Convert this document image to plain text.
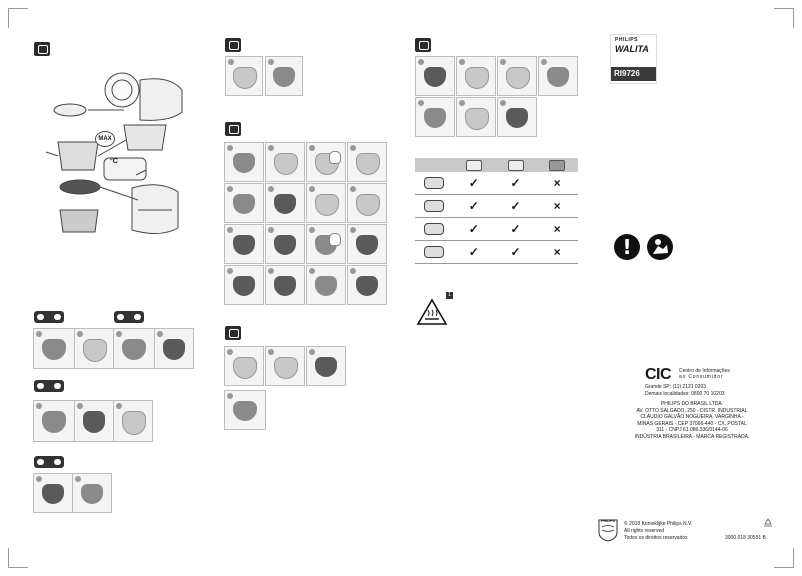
MAX
°C
✓	✓	×
✓	✓	×
✓	✓	×
✓	✓	×
1
PHILIPS
WALITA
RI9726
!
CIC Centro de Informações
ao Consumidor
Grande SP: (11) 2121 0203
Demais localidades: 0800 70 10203
PHILIPS DO BRASIL LTDA.
AV. OTTO SALGADO, 250 - DISTR. INDUSTRIAL
CLÁUDIO GALVÃO NOGUEIRA, VARGINHA -
MINAS GERAIS - CEP 37066-440 - CX. POSTAL
311 - CNPJ 61.086.336/0144-06
INDÚSTRIA BRASILEIRA - MARCA REGISTRADA.
PHILIPS	© 2018 Koninklijke Philips N.V.
All rights reserved
Todos os direitos reservados	3000 018 30551 B
